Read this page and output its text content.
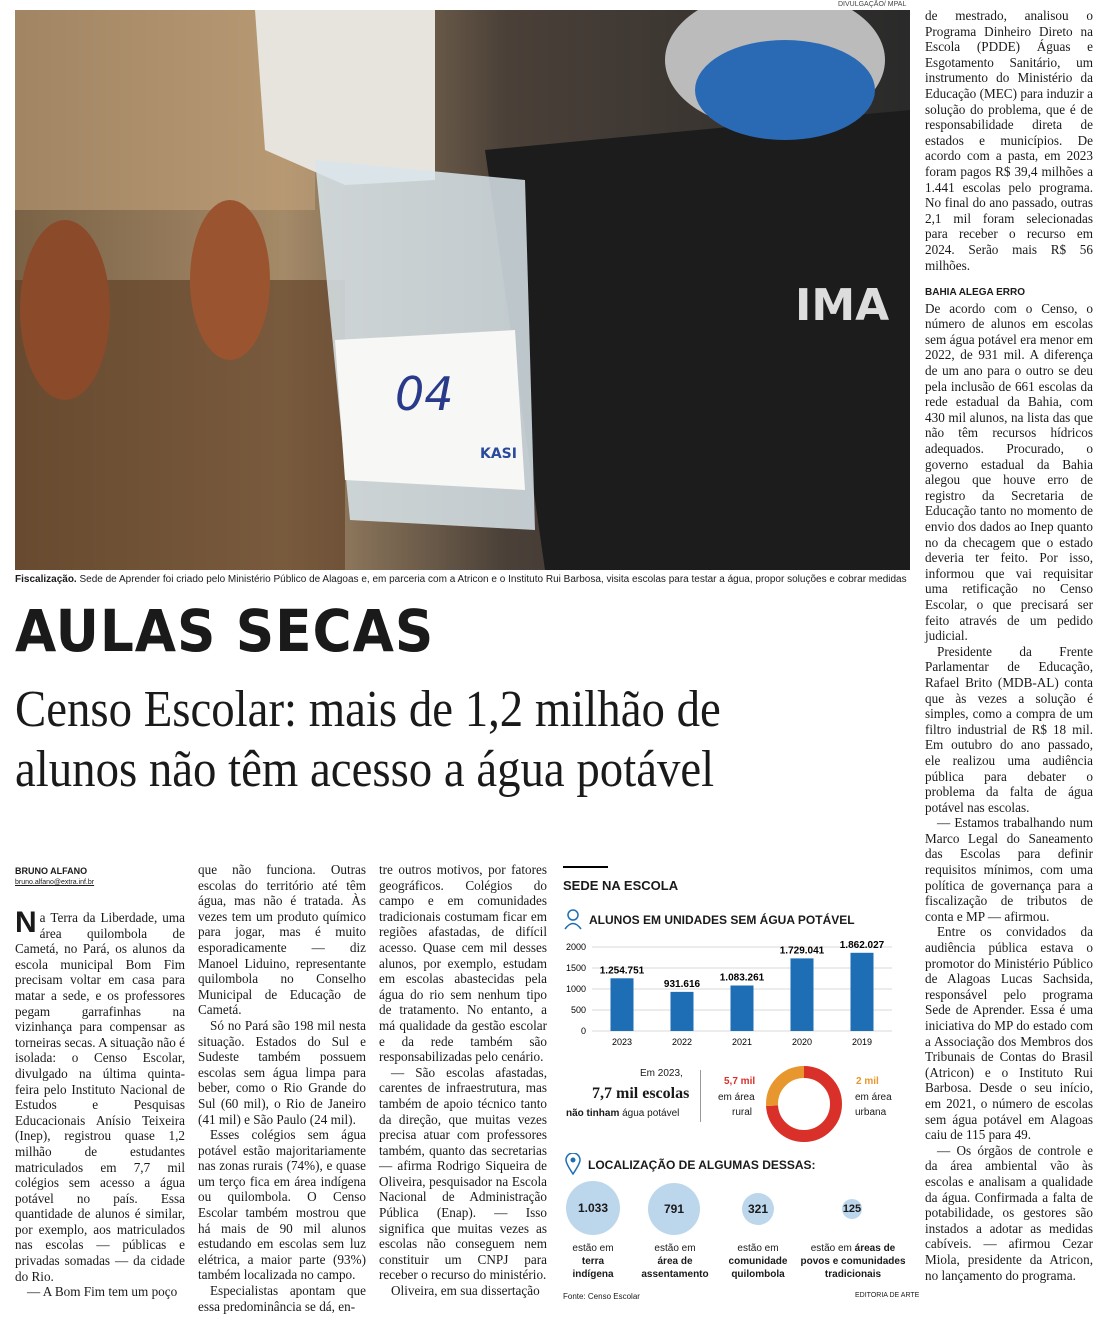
DIVULGAÇÃO/ MPAL
IMA
04
KASI
Fiscalização. Sede de Aprender foi criado pelo Ministério Público de Alagoas e, em parceria com a Atricon e o Instituto Rui Barbosa, visita escolas para testar a água, propor soluções e cobrar medidas
AULAS SECAS
Censo Escolar: mais de 1,2 milhão de alunos não têm acesso a água potável
BRUNO ALFANO
bruno.alfano@extra.inf.br

Na Terra da Liberdade, uma área quilombola de Cametá, no Pará, os alunos da escola municipal Bom Fim precisam voltar em casa para matar a sede, e os professores pegam garrafinhas na vizinhança para compensar as torneiras secas. A situação não é isolada: o Censo Escolar, divulgado na última quinta-feira pelo Instituto Nacional de Estudos e Pesquisas Educacionais Anísio Teixeira (Inep), registrou quase 1,2 milhão de estudantes matriculados em 7,7 mil colégios sem acesso a água potável no país. Essa quantidade de alunos é similar, por exemplo, aos matriculados nas escolas — públicas e privadas somadas — da cidade do Rio.

— A Bom Fim tem um poço

que não funciona. Outras escolas do território até têm água, mas não é tratada. Às vezes tem um produto químico para jogar, mas é muito esporadicamente — diz Manoel Liduino, representante quilombola no Conselho Municipal de Educação de Cametá.

Só no Pará são 198 mil nesta situação. Estados do Sul e Sudeste também possuem escolas sem água limpa para beber, como o Rio Grande do Sul (60 mil), o Rio de Janeiro (41 mil) e São Paulo (24 mil).

Esses colégios sem água potável estão majoritariamente nas zonas rurais (74%), e quase um terço fica em área indígena ou quilombola. O Censo Escolar também mostrou que há mais de 90 mil alunos estudando em escolas sem luz elétrica, a maior parte (93%) também localizada no campo.

Especialistas apontam que essa predominância se dá, en-

tre outros motivos, por fatores geográficos. Colégios do campo e em comunidades tradicionais costumam ficar em regiões afastadas, de difícil acesso. Quase cem mil desses alunos, por exemplo, estudam em escolas abastecidas pela água do rio sem nenhum tipo de tratamento. No entanto, a má qualidade da gestão escolar e da rede também são responsabilizadas pelo cenário.

— São escolas afastadas, carentes de infraestrutura, mas também de apoio técnico tanto da direção, que muitas vezes precisa atuar com professores também, quanto das secretarias — afirma Rodrigo Siqueira de Oliveira, pesquisador na Escola Nacional de Administração Pública (Enap). — Isso significa que muitas vezes as escolas não conseguem nem constituir um CNPJ para receber o recurso do ministério.

Oliveira, em sua dissertação

de mestrado, analisou o Programa Dinheiro Direto na Escola (PDDE) Águas e Esgotamento Sanitário, um instrumento do Ministério da Educação (MEC) para induzir a solução do problema, que é de responsabilidade direta de estados e municípios. De acordo com a pasta, em 2023 foram pagos R$ 39,4 milhões a 1.441 escolas pelo programa. No final do ano passado, outras 2,1 mil foram selecionadas para receber o recurso em 2024. Serão mais R$ 56 milhões.

BAHIA ALEGA ERRO

De acordo com o Censo, o número de alunos em escolas sem água potável era menor em 2022, de 931 mil. A diferença de um ano para o outro se deu pela inclusão de 661 escolas da rede estadual da Bahia, com 430 mil alunos, na lista das que não têm recursos hídricos adequados. Procurado, o governo estadual da Bahia alegou que houve erro de registro da Secretaria de Educação tanto no momento de envio dos dados ao Inep quanto no da checagem que o estado deveria ter feito. Por isso, informou que vai requisitar uma retificação no Censo Escolar, o que precisará ser feito através de um pedido judicial.

Presidente da Frente Parlamentar de Educação, Rafael Brito (MDB-AL) conta que às vezes a solução é simples, como a compra de um filtro industrial de R$ 18 mil. Em outubro do ano passado, ele realizou uma audiência pública para debater o problema da falta de água potável nas escolas.

— Estamos trabalhando num Marco Legal do Saneamento das Escolas para definir requisitos mínimos, com uma política de governança para a fiscalização de tributos de conta e MP — afirmou.

Entre os convidados da audiência pública estava o promotor do Ministério Público de Alagoas Lucas Sachsida, responsável pelo programa Sede de Aprender. Essa é uma iniciativa do MP do estado com a Associação dos Membros dos Tribunais de Contas do Brasil (Atricon) e o Instituto Rui Barbosa. Desde o seu início, em 2021, o número de escolas sem água potável em Alagoas caiu de 115 para 49.

— Os órgãos de controle e da área ambiental vão às escolas e analisam a qualidade da água. Confirmada a falta de potabilidade, os gestores são instados a adotar as medidas cabíveis. — afirmou Cezar Miola, presidente da Atricon, no lançamento do programa.

SEDE NA ESCOLA
ALUNOS EM UNIDADES SEM ÁGUA POTÁVEL
0
500
1000
1500
2000
1.254.751
2023
931.616
2022
1.083.261
2021
1.729.041
2020
1.862.027
2019
Em 2023,
7,7 mil escolas
não tinham água potável
5,7 mil
em área
rural
2 mil
em área
urbana
LOCALIZAÇÃO DE ALGUMAS DESSAS:
1.033	791	321	125
estão em
terra
indígena
estão em
área de
assentamento
estão em
comunidade
quilombola
estão em áreas de
povos e comunidades tradicionais
Fonte: Censo Escolar	EDITORIA DE ARTE
